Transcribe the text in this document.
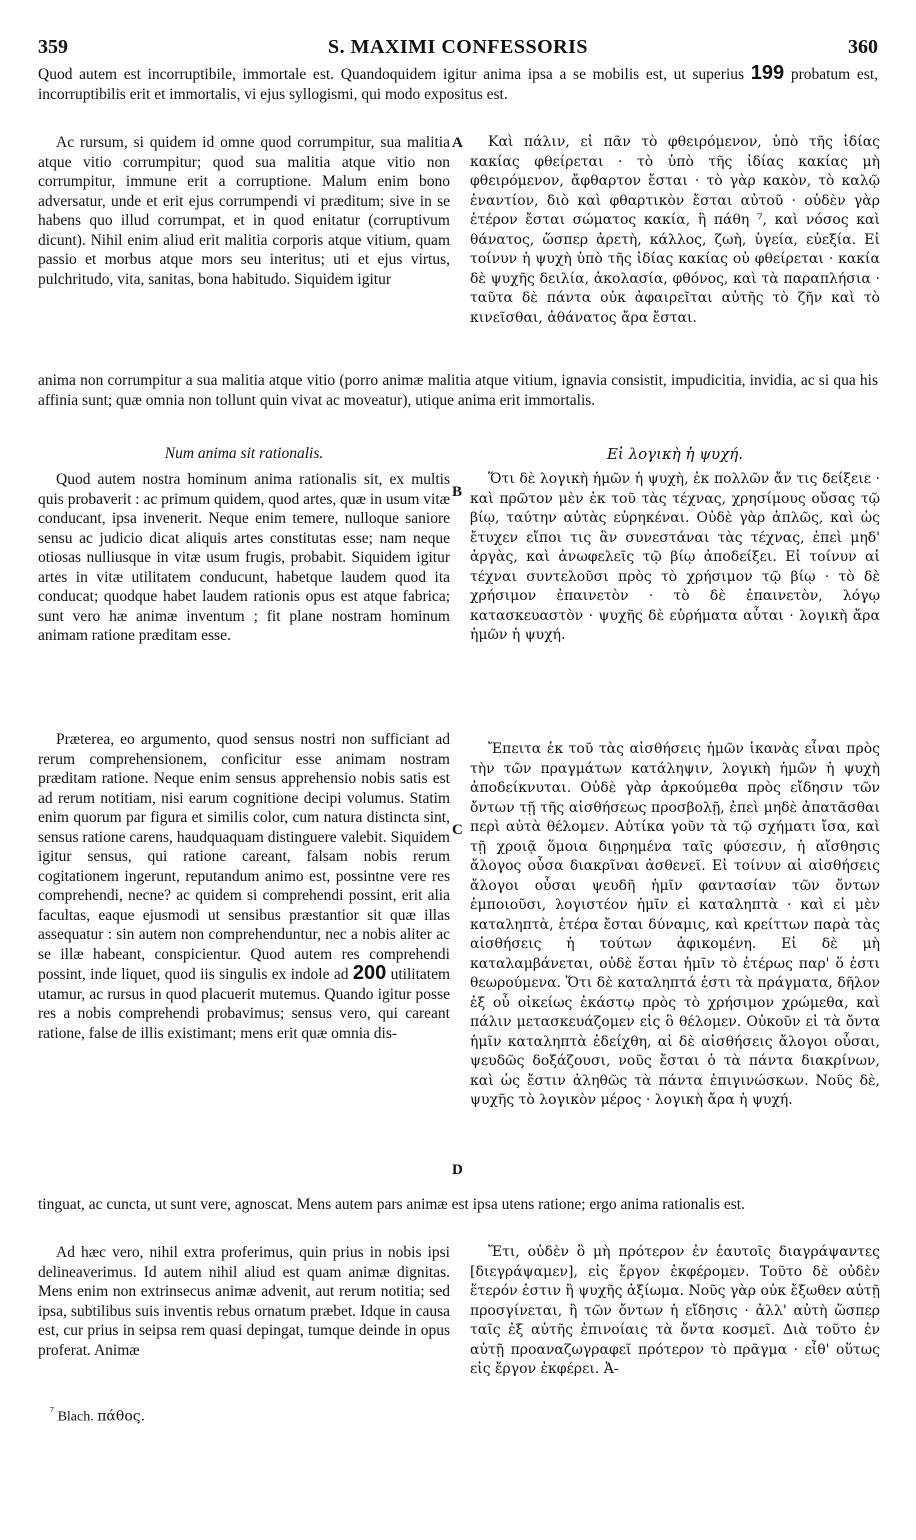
359	S. MAXIMI CONFESSORIS	360
Quod autem est incorruptibile, immortale est. Quandoquidem igitur anima ipsa a se mobilis est, ut superius 199 probatum est, incorruptibilis erit et immortalis, vi ejus syllogismi, qui modo expositus est.
Ac rursum, si quidem id omne quod corrumpitur, sua malitia atque vitio corrumpitur; quod sua malitia atque vitio non corrumpitur, immune erit a corruptione. Malum enim bono adversatur, unde et erit ejus corrumpendi vi præditum; sive in se habens quo illud corrumpat, et in quod enitatur (corruptivum dicunt). Nihil enim aliud erit malitia corporis atque vitium, quam passio et morbus atque mors seu interitus; uti et ejus virtus, pulchritudo, vita, sanitas, bona habitudo. Siquidem igitur
A	Καὶ πάλιν, εἰ πᾶν τὸ φθειρόμενον, ὑπὸ τῆς ἰδίας κακίας φθείρεται · τὸ ὑπὸ τῆς ἰδίας κακίας μὴ φθειρόμενον, ἄφθαρτον ἔσται · τὸ γὰρ κακὸν, τὸ καλῷ ἐναντίον, διὸ καὶ φθαρτικὸν ἔσται αὐτοῦ · οὐδὲν γὰρ ἑτέρον ἔσται σώματος κακία, ἢ πάθη ⁷, καὶ νόσος καὶ θάνατος, ὥσπερ ἀρετὴ, κάλλος, ζωὴ, ὑγεία, εὐεξία. Εἰ τοίνυν ἡ ψυχὴ ὑπὸ τῆς ἰδίας κακίας οὐ φθείρεται · κακία δὲ ψυχῆς δειλία, ἀκολασία, φθόνος, καὶ τὰ παραπλήσια · ταῦτα δὲ πάντα οὐκ ἀφαιρεῖται αὐτῆς τὸ ζῆν καὶ τὸ κινεῖσθαι, ἀθάνατος ἄρα ἔσται.
anima non corrumpitur a sua malitia atque vitio (porro animæ malitia atque vitium, ignavia consistit, impudicitia, invidia, ac si qua his affinia sunt; quæ omnia non tollunt quin vivat ac moveatur), utique anima erit immortalis.
Num anima sit rationalis.	Εἰ λογικὴ ἡ ψυχή.
Quod autem nostra hominum anima rationalis sit, ex multis quis probaverit : ac primum quidem, quod artes, quæ in usum vitæ conducant, ipsa invenerit. Neque enim temere, nulloque saniore sensu ac judicio dicat aliquis artes constitutas esse; nam neque otiosas nulliusque in vitæ usum frugis, probabit. Siquidem igitur artes in vitæ utilitatem conducunt, habetque laudem quod ita conducat; quodque habet laudem rationis opus est atque fabrica; sunt vero hæ animæ inventum ; fit plane nostram hominum animam ratione præditam esse.
B
Ὅτι δὲ λογικὴ ἡμῶν ἡ ψυχὴ, ἐκ πολλῶν ἄν τις δείξειε · καὶ πρῶτον μὲν ἐκ τοῦ τὰς τέχνας, χρησίμους οὔσας τῷ βίῳ, ταύτην αὐτὰς εὑρηκέναι. Οὐδὲ γὰρ ἁπλῶς, καὶ ὡς ἔτυχεν εἴποι τις ἂν συνεστάναι τὰς τέχνας, ἐπεὶ μηδ' ἀργὰς, καὶ ἀνωφελεῖς τῷ βίῳ ἀποδείξει. Εἰ τοίνυν αἱ τέχναι συντελοῦσι πρὸς τὸ χρήσιμον τῷ βίῳ · τὸ δὲ χρήσιμον ἐπαινετὸν · τὸ δὲ ἐπαινετὸν, λόγῳ κατασκευαστὸν · ψυχῆς δὲ εὑρήματα αὗται · λογικὴ ἄρα ἡμῶν ἡ ψυχή.
Præterea, eo argumento, quod sensus nostri non sufficiant ad rerum comprehensionem, conficitur esse animam nostram præditam ratione. Neque enim sensus apprehensio nobis satis est ad rerum notitiam, nisi earum cognitione decipi volumus. Statim enim quorum par figura et similis color, cum natura distincta sint, sensus ratione carens, haudquaquam distinguere valebit. Siquidem igitur sensus, qui ratione careant, falsam nobis rerum cogitationem ingerunt, reputandum animo est, possintne vere res comprehendi, necne? ac quidem si comprehendi possint, erit alia facultas, eaque ejusmodi ut sensibus præstantior sit quæ illas assequatur : sin autem non comprehenduntur, nec a nobis aliter ac se illæ habeant, conspicientur. Quod autem res comprehendi possint, inde liquet, quod iis singulis ex indole ad 200 utilitatem utamur, ac rursus in quod placuerit mutemus. Quando igitur posse res a nobis comprehendi probavimus; sensus vero, qui careant ratione, false de illis existimant; mens erit quæ omnia dis-
C
D
Ἔπειτα ἐκ τοῦ τὰς αἰσθήσεις ἡμῶν ἱκανὰς εἶναι πρὸς τὴν τῶν πραγμάτων κατάληψιν, λογικὴ ἡμῶν ἡ ψυχὴ ἀποδείκνυται. Οὐδὲ γὰρ ἀρκούμεθα πρὸς εἴδησιν τῶν ὄντων τῇ τῆς αἰσθήσεως προσβολῇ, ἐπεὶ μηδὲ ἀπατᾶσθαι περὶ αὐτὰ θέλομεν. Αὐτίκα γοῦν τὰ τῷ σχήματι ἴσα, καὶ τῇ χροιᾷ ὅμοια διῃρημένα ταῖς φύσεσιν, ἡ αἴσθησις ἄλογος οὖσα διακρῖναι ἀσθενεῖ. Εἰ τοίνυν αἱ αἰσθήσεις ἄλογοι οὖσαι ψευδῆ ἡμῖν φαντασίαν τῶν ὄντων ἐμποιοῦσι, λογιστέον ἡμῖν εἰ καταληπτὰ · καὶ εἰ μὲν καταληπτὰ, ἑτέρα ἔσται δύναμις, καὶ κρείττων παρὰ τὰς αἰσθήσεις ἡ τούτων ἀφικομένη. Εἰ δὲ μὴ καταλαμβάνεται, οὐδὲ ἔσται ἡμῖν τὸ ἑτέρως παρ' ὅ ἐστι θεωρούμενα. Ὅτι δὲ καταληπτά ἐστι τὰ πράγματα, δῆλον ἐξ οὗ οἰκείως ἑκάστῳ πρὸς τὸ χρήσιμον χρώμεθα, καὶ πάλιν μετασκευάζομεν εἰς ὃ θέλομεν. Οὐκοῦν εἰ τὰ ὄντα ἡμῖν καταληπτὰ ἐδείχθη, αἱ δὲ αἰσθήσεις ἄλογοι οὖσαι, ψευδῶς δοξάζουσι, νοῦς ἔσται ὁ τὰ πάντα διακρίνων, καὶ ὡς ἔστιν ἀληθῶς τὰ πάντα ἐπιγινώσκων. Νοῦς δὲ, ψυχῆς τὸ λογικὸν μέρος · λογικὴ ἄρα ἡ ψυχή.
tinguat, ac cuncta, ut sunt vere, agnoscat. Mens autem pars animæ est ipsa utens ratione; ergo anima rationalis est.
Ad hæc vero, nihil extra proferimus, quin prius in nobis ipsi delineaverimus. Id autem nihil aliud est quam animæ dignitas. Mens enim non extrinsecus animæ advenit, aut rerum notitia; sed ipsa, subtilibus suis inventis rebus ornatum præbet. Idque in causa est, cur prius in seipsa rem quasi depingat, tumque deinde in opus proferat. Animæ
Ἔτι, οὐδὲν ὃ μὴ πρότερον ἐν ἑαυτοῖς διαγράψαντες [διεγράψαμεν], εἰς ἔργον ἐκφέρομεν. Τοῦτο δὲ οὐδὲν ἕτερόν ἐστιν ἢ ψυχῆς ἀξίωμα. Νοῦς γὰρ οὐκ ἔξωθεν αὐτῇ προσγίνεται, ἢ τῶν ὄντων ἡ εἴδησις · ἀλλ' αὐτὴ ὥσπερ ταῖς ἐξ αὐτῆς ἐπινοίαις τὰ ὄντα κοσμεῖ. Διὰ τοῦτο ἐν αὐτῇ προαναζωγραφεῖ πρότερον τὸ πρᾶγμα · εἶθ' οὕτως εἰς ἔργον ἐκφέρει. Ἀ-
$^{^7}$ Blach. πάθος.
